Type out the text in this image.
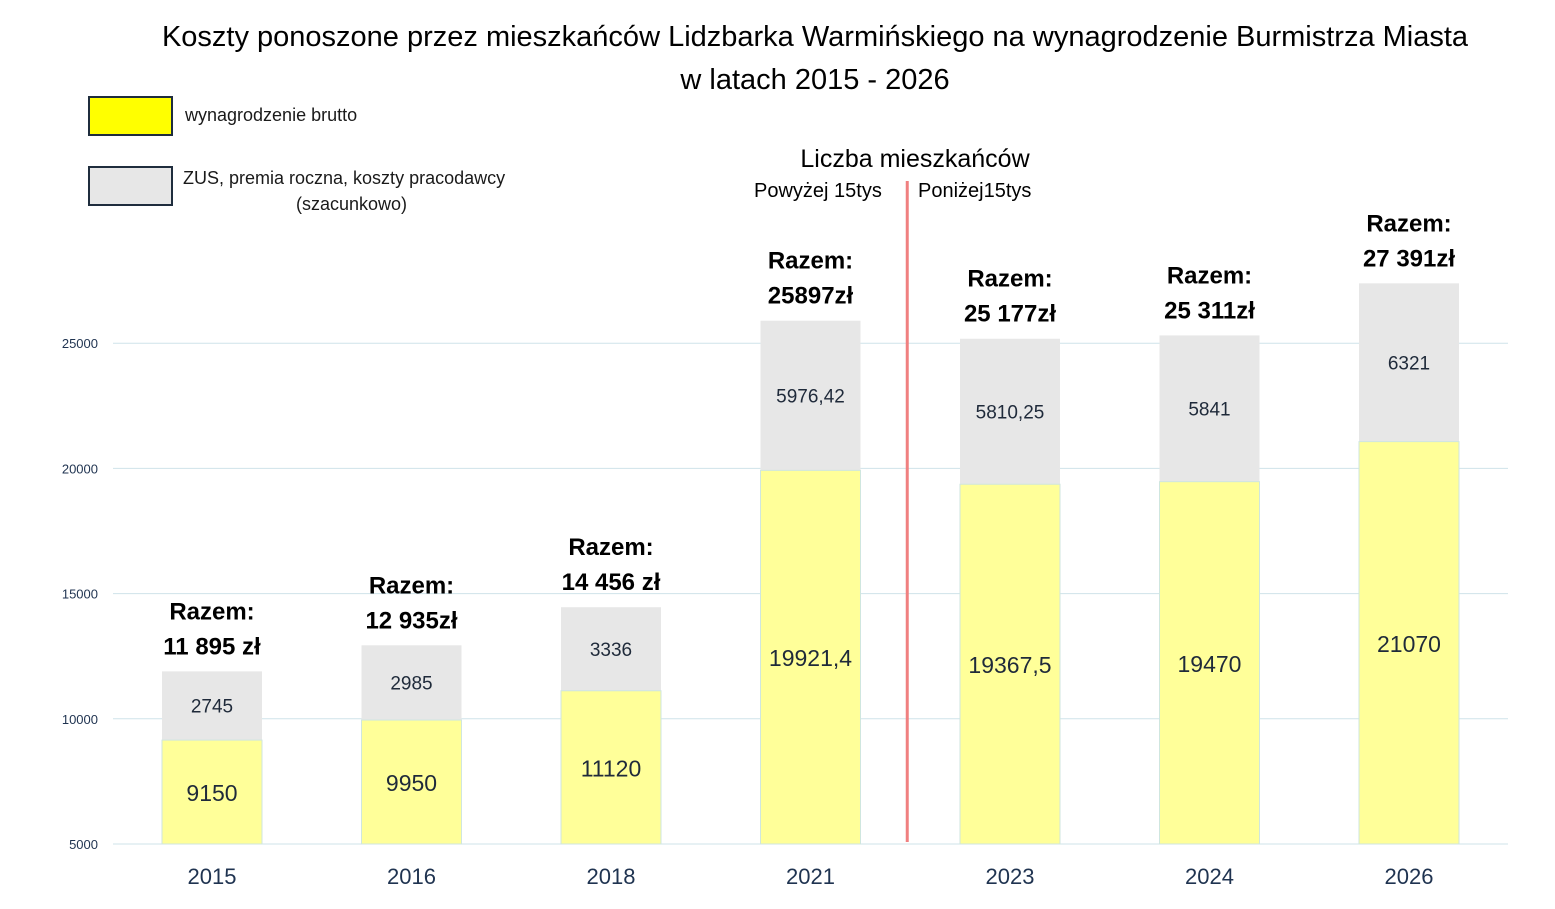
Koszty ponoszone przez mieszkańców Lidzbarka Warmińskiego na wynagrodzenie Burmistrza Miasta
w latach 2015 - 2026
wynagrodzenie brutto
ZUS, premia roczna, koszty pracodawcy
(szacunkowo)
Liczba mieszkańców
Powyżej 15tys Poniżej15tys
5000
10000
15000
20000
25000
9150
2745
Razem:
11 895 zł
2015
9950
2985
Razem:
12 935zł
2016
11120
3336
Razem:
14 456 zł
2018
19921,4
5976,42
Razem:
25897zł
2021
19367,5
5810,25
Razem:
25 177zł
2023
19470
5841
Razem:
25 311zł
2024
21070
6321
Razem:
27 391zł
2026
